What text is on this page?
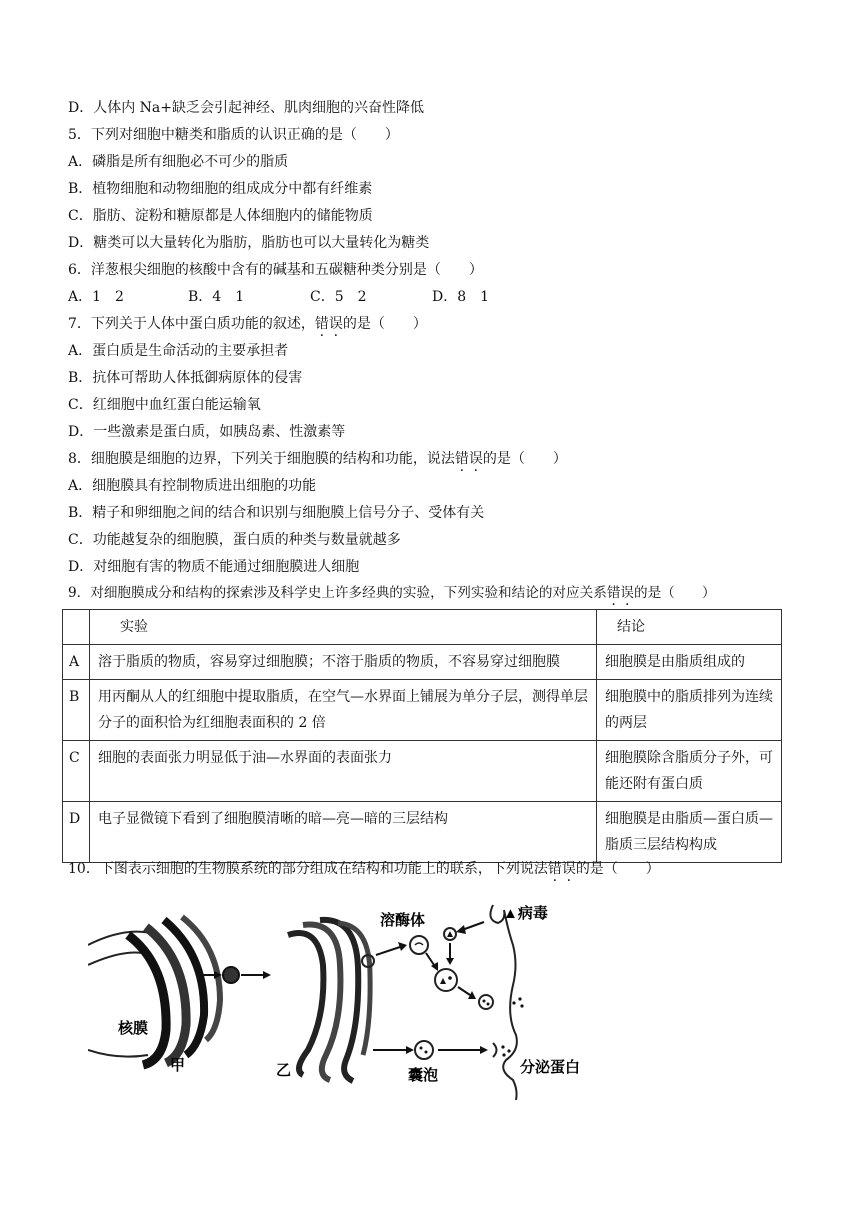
D．人体内 Na+缺乏会引起神经、肌肉细胞的兴奋性降低
5．下列对细胞中糖类和脂质的认识正确的是（　　）
A．磷脂是所有细胞必不可少的脂质
B．植物细胞和动物细胞的组成成分中都有纤维素
C．脂肪、淀粉和糖原都是人体细胞内的储能物质
D．糖类可以大量转化为脂肪，脂肪也可以大量转化为糖类
6．洋葱根尖细胞的核酸中含有的碱基和五碳糖种类分别是（　　）
A．1　2	B．4　1	C．5　2	D．8　1
7．下列关于人体中蛋白质功能的叙述，错误的是（　　）
A．蛋白质是生命活动的主要承担者
B．抗体可帮助人体抵御病原体的侵害
C．红细胞中血红蛋白能运输氧
D．一些激素是蛋白质，如胰岛素、性激素等
8．细胞膜是细胞的边界，下列关于细胞膜的结构和功能，说法错误的是（　　）
A．细胞膜具有控制物质进出细胞的功能
B．精子和卵细胞之间的结合和识别与细胞膜上信号分子、受体有关
C．功能越复杂的细胞膜，蛋白质的种类与数量就越多
D．对细胞有害的物质不能通过细胞膜进人细胞
9．对细胞膜成分和结构的探索涉及科学史上许多经典的实验，下列实验和结论的对应关系错误的是（　　）
	实验	结论
A	溶于脂质的物质，容易穿过细胞膜；不溶于脂质的物质，不容易穿过细胞膜	细胞膜是由脂质组成的
B	用丙酮从人的红细胞中提取脂质，在空气—水界面上铺展为单分子层，测得单层分子的面积恰为红细胞表面积的 2 倍	细胞膜中的脂质排列为连续的两层
C	细胞的表面张力明显低于油—水界面的表面张力	细胞膜除含脂质分子外，可能还附有蛋白质
D	电子显微镜下看到了细胞膜清晰的暗—亮—暗的三层结构	细胞膜是由脂质—蛋白质—脂质三层结构构成
10．下图表示细胞的生物膜系统的部分组成在结构和功能上的联系，下列说法错误的是（　　）
核膜
甲	乙
溶酶体	▲病毒
囊泡	分泌蛋白
